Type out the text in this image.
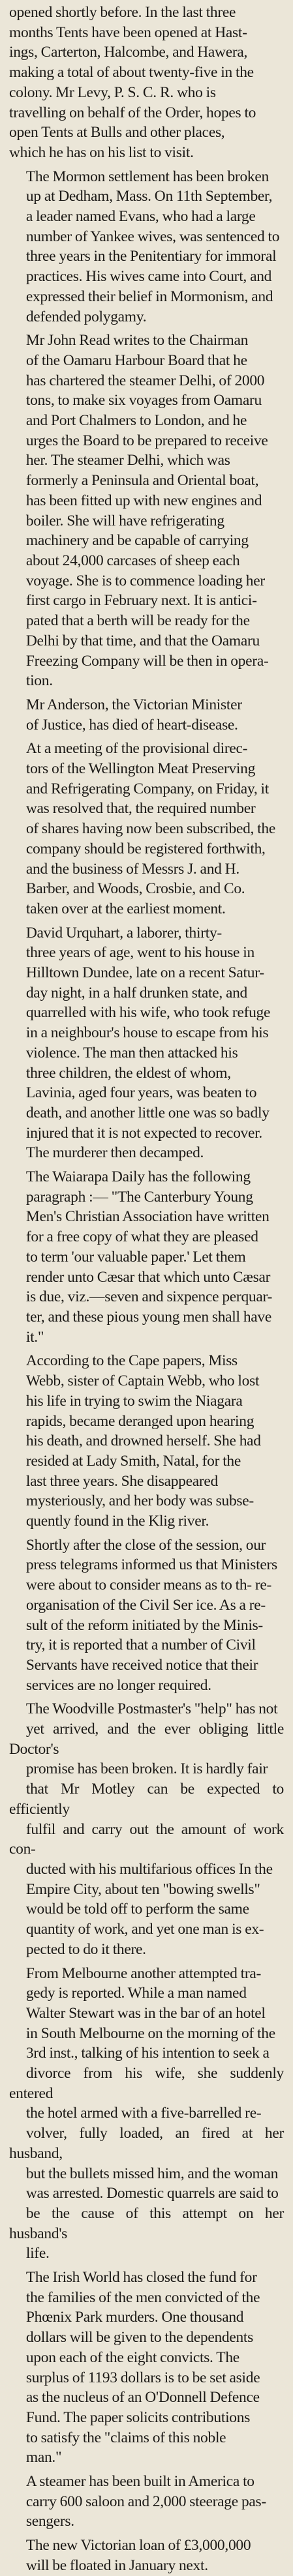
opened shortly before. In the last three
months Tents have been opened at Hast-
ings, Carterton, Halcombe, and Hawera,
making a total of about twenty-five in the
colony. Mr Levy, P. S. C. R. who is
travelling on behalf of the Order, hopes to
open Tents at Bulls and other places,
which he has on his list to visit.

The Mormon settlement has been broken
up at Dedham, Mass. On 11th September,
a leader named Evans, who had a large
number of Yankee wives, was sentenced to
three years in the Penitentiary for immoral
practices. His wives came into Court, and
expressed their belief in Mormonism, and
defended polygamy.

Mr John Read writes to the Chairman
of the Oamaru Harbour Board that he
has chartered the steamer Delhi, of 2000
tons, to make six voyages from Oamaru
and Port Chalmers to London, and he
urges the Board to be prepared to receive
her. The steamer Delhi, which was
formerly a Peninsula and Oriental boat,
has been fitted up with new engines and
boiler. She will have refrigerating
machinery and be capable of carrying
about 24,000 carcases of sheep each
voyage. She is to commence loading her
first cargo in February next. It is antici-
pated that a berth will be ready for the
Delhi by that time, and that the Oamaru
Freezing Company will be then in opera-
tion.

Mr Anderson, the Victorian Minister
of Justice, has died of heart-disease.

At a meeting of the provisional direc-
tors of the Wellington Meat Preserving
and Refrigerating Company, on Friday, it
was resolved that, the required number
of shares having now been subscribed, the
company should be registered forthwith,
and the business of Messrs J. and H.
Barber, and Woods, Crosbie, and Co.
taken over at the earliest moment.

David Urquhart, a laborer, thirty-
three years of age, went to his house in
Hilltown Dundee, late on a recent Satur-
day night, in a half drunken state, and
quarrelled with his wife, who took refuge
in a neighbour's house to escape from his
violence. The man then attacked his
three children, the eldest of whom,
Lavinia, aged four years, was beaten to
death, and another little one was so badly
injured that it is not expected to recover.
The murderer then decamped.

The Waiarapa Daily has the following
paragraph :— "The Canterbury Young
Men's Christian Association have written
for a free copy of what they are pleased
to term 'our valuable paper.' Let them
render unto Cæsar that which unto Cæsar
is due, viz.—seven and sixpence perquar-
ter, and these pious young men shall have
it."

According to the Cape papers, Miss
Webb, sister of Captain Webb, who lost
his life in trying to swim the Niagara
rapids, became deranged upon hearing
his death, and drowned herself. She had
resided at Lady Smith, Natal, for the
last three years. She disappeared
mysteriously, and her body was subse-
quently found in the Klig river.

Shortly after the close of the session, our
press telegrams informed us that Ministers
were about to consider means as to th- re-
organisation of the Civil Ser ice. As a re-
sult of the reform initiated by the Minis-
try, it is reported that a number of Civil
Servants have received notice that their
services are no longer required.

The Woodville Postmaster's "help" has not
yet arrived, and the ever obliging little Doctor's
promise has been broken. It is hardly fair
that Mr Motley can be expected to efficiently
fulfil and carry out the amount of work con-
ducted with his multifarious offices In the
Empire City, about ten "bowing swells"
would be told off to perform the same
quantity of work, and yet one man is ex-
pected to do it there.

From Melbourne another attempted tra-
gedy is reported. While a man named
Walter Stewart was in the bar of an hotel
in South Melbourne on the morning of the
3rd inst., talking of his intention to seek a
divorce from his wife, she suddenly entered
the hotel armed with a five-barrelled re-
volver, fully loaded, an fired at her husband,
but the bullets missed him, and the woman
was arrested. Domestic quarrels are said to
be the cause of this attempt on her husband's
life.

The Irish World has closed the fund for
the families of the men convicted of the
Phœnix Park murders. One thousand
dollars will be given to the dependents
upon each of the eight convicts. The
surplus of 1193 dollars is to be set aside
as the nucleus of an O'Donnell Defence
Fund. The paper solicits contributions
to satisfy the "claims of this noble
man."

A steamer has been built in America to
carry 600 saloon and 2,000 steerage pas-
sengers.

The new Victorian loan of £3,000,000
will be floated in January next.
